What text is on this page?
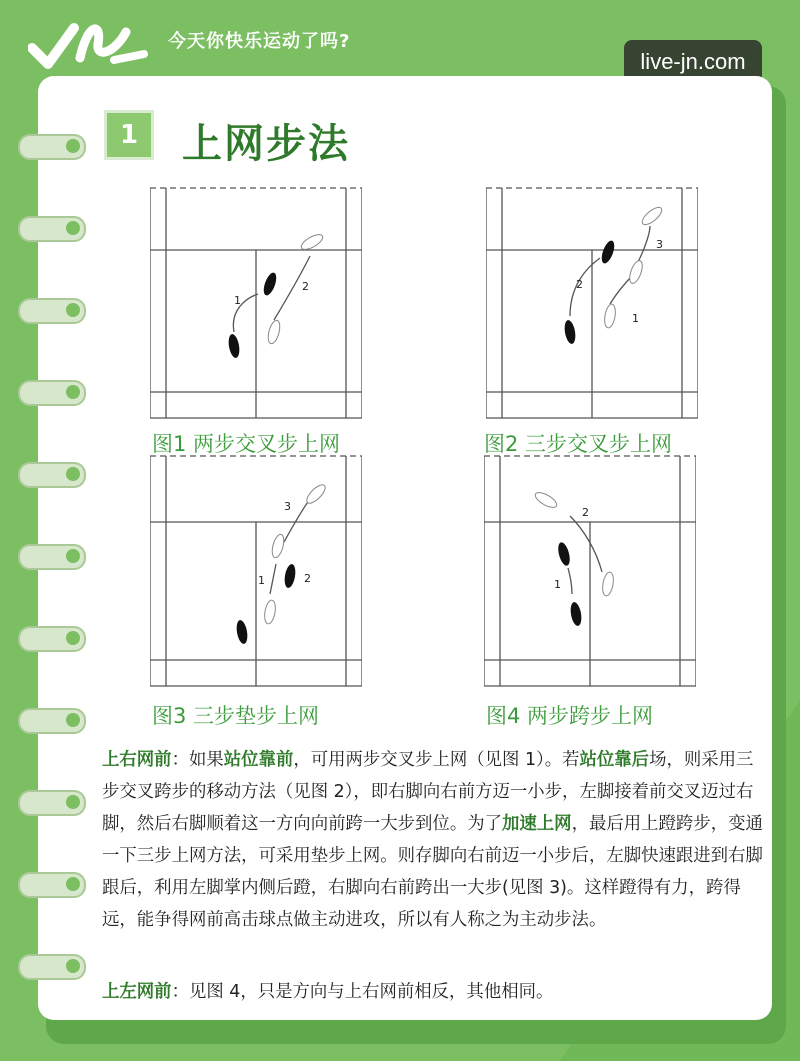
今天你快乐运动了吗?
live-jn.com
1	上网步法
1
2
图1 两步交叉步上网
1
2
3
图2 三步交叉步上网
1	2
3
图3 三步垫步上网
1
2
图4 两步跨步上网

上右网前：如果站位靠前，可用两步交叉步上网（见图 1）。若站位靠后场，则采用三步交叉跨步的移动方法（见图 2），即右脚向右前方迈一小步，左脚接着前交叉迈过右脚，然后右脚顺着这一方向向前跨一大步到位。为了加速上网，最后用上蹬跨步，变通一下三步上网方法，可采用垫步上网。则存脚向右前迈一小步后，左脚快速跟进到右脚跟后，利用左脚掌内侧后蹬，右脚向右前跨出一大步(见图 3)。这样蹬得有力，跨得远，能争得网前高击球点做主动进攻，所以有人称之为主动步法。

上左网前：见图 4，只是方向与上右网前相反，其他相同。
